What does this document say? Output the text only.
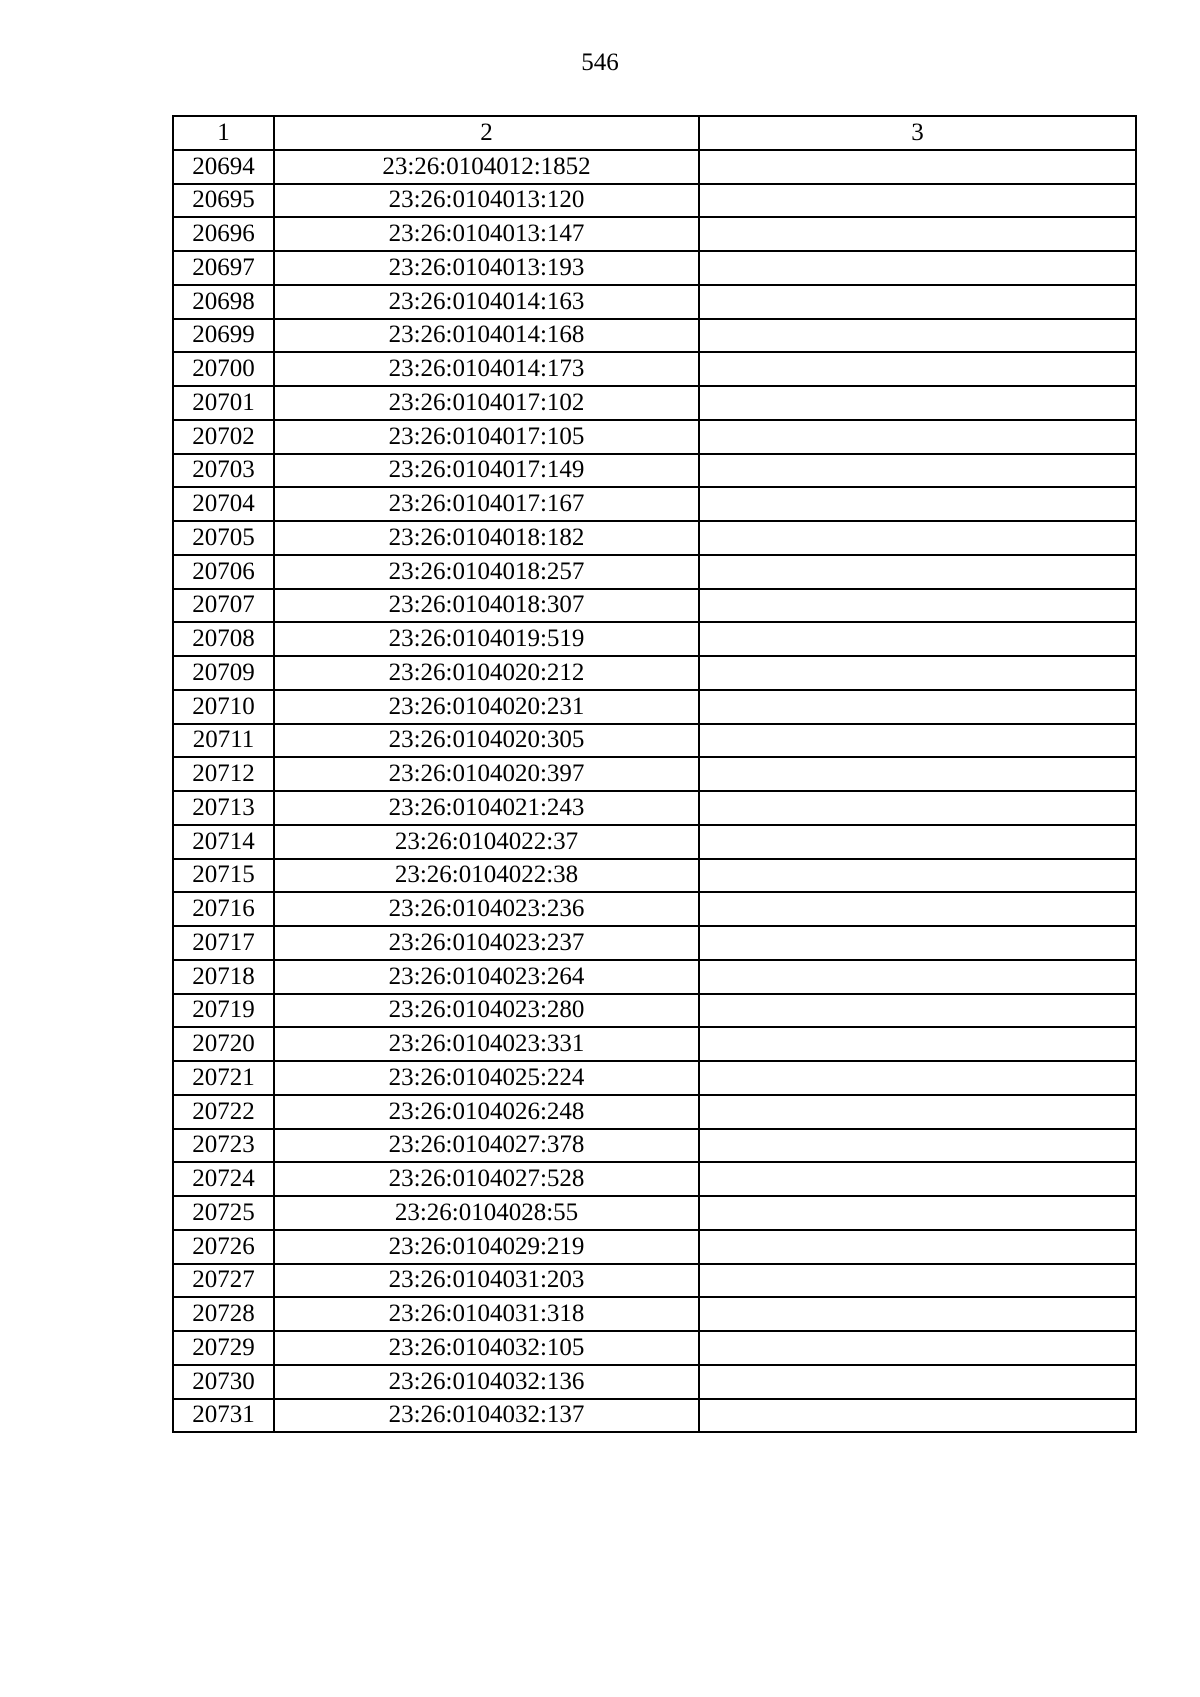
546
1	2	3
20694	23:26:0104012:1852	
20695	23:26:0104013:120	
20696	23:26:0104013:147	
20697	23:26:0104013:193	
20698	23:26:0104014:163	
20699	23:26:0104014:168	
20700	23:26:0104014:173	
20701	23:26:0104017:102	
20702	23:26:0104017:105	
20703	23:26:0104017:149	
20704	23:26:0104017:167	
20705	23:26:0104018:182	
20706	23:26:0104018:257	
20707	23:26:0104018:307	
20708	23:26:0104019:519	
20709	23:26:0104020:212	
20710	23:26:0104020:231	
20711	23:26:0104020:305	
20712	23:26:0104020:397	
20713	23:26:0104021:243	
20714	23:26:0104022:37	
20715	23:26:0104022:38	
20716	23:26:0104023:236	
20717	23:26:0104023:237	
20718	23:26:0104023:264	
20719	23:26:0104023:280	
20720	23:26:0104023:331	
20721	23:26:0104025:224	
20722	23:26:0104026:248	
20723	23:26:0104027:378	
20724	23:26:0104027:528	
20725	23:26:0104028:55	
20726	23:26:0104029:219	
20727	23:26:0104031:203	
20728	23:26:0104031:318	
20729	23:26:0104032:105	
20730	23:26:0104032:136	
20731	23:26:0104032:137	
